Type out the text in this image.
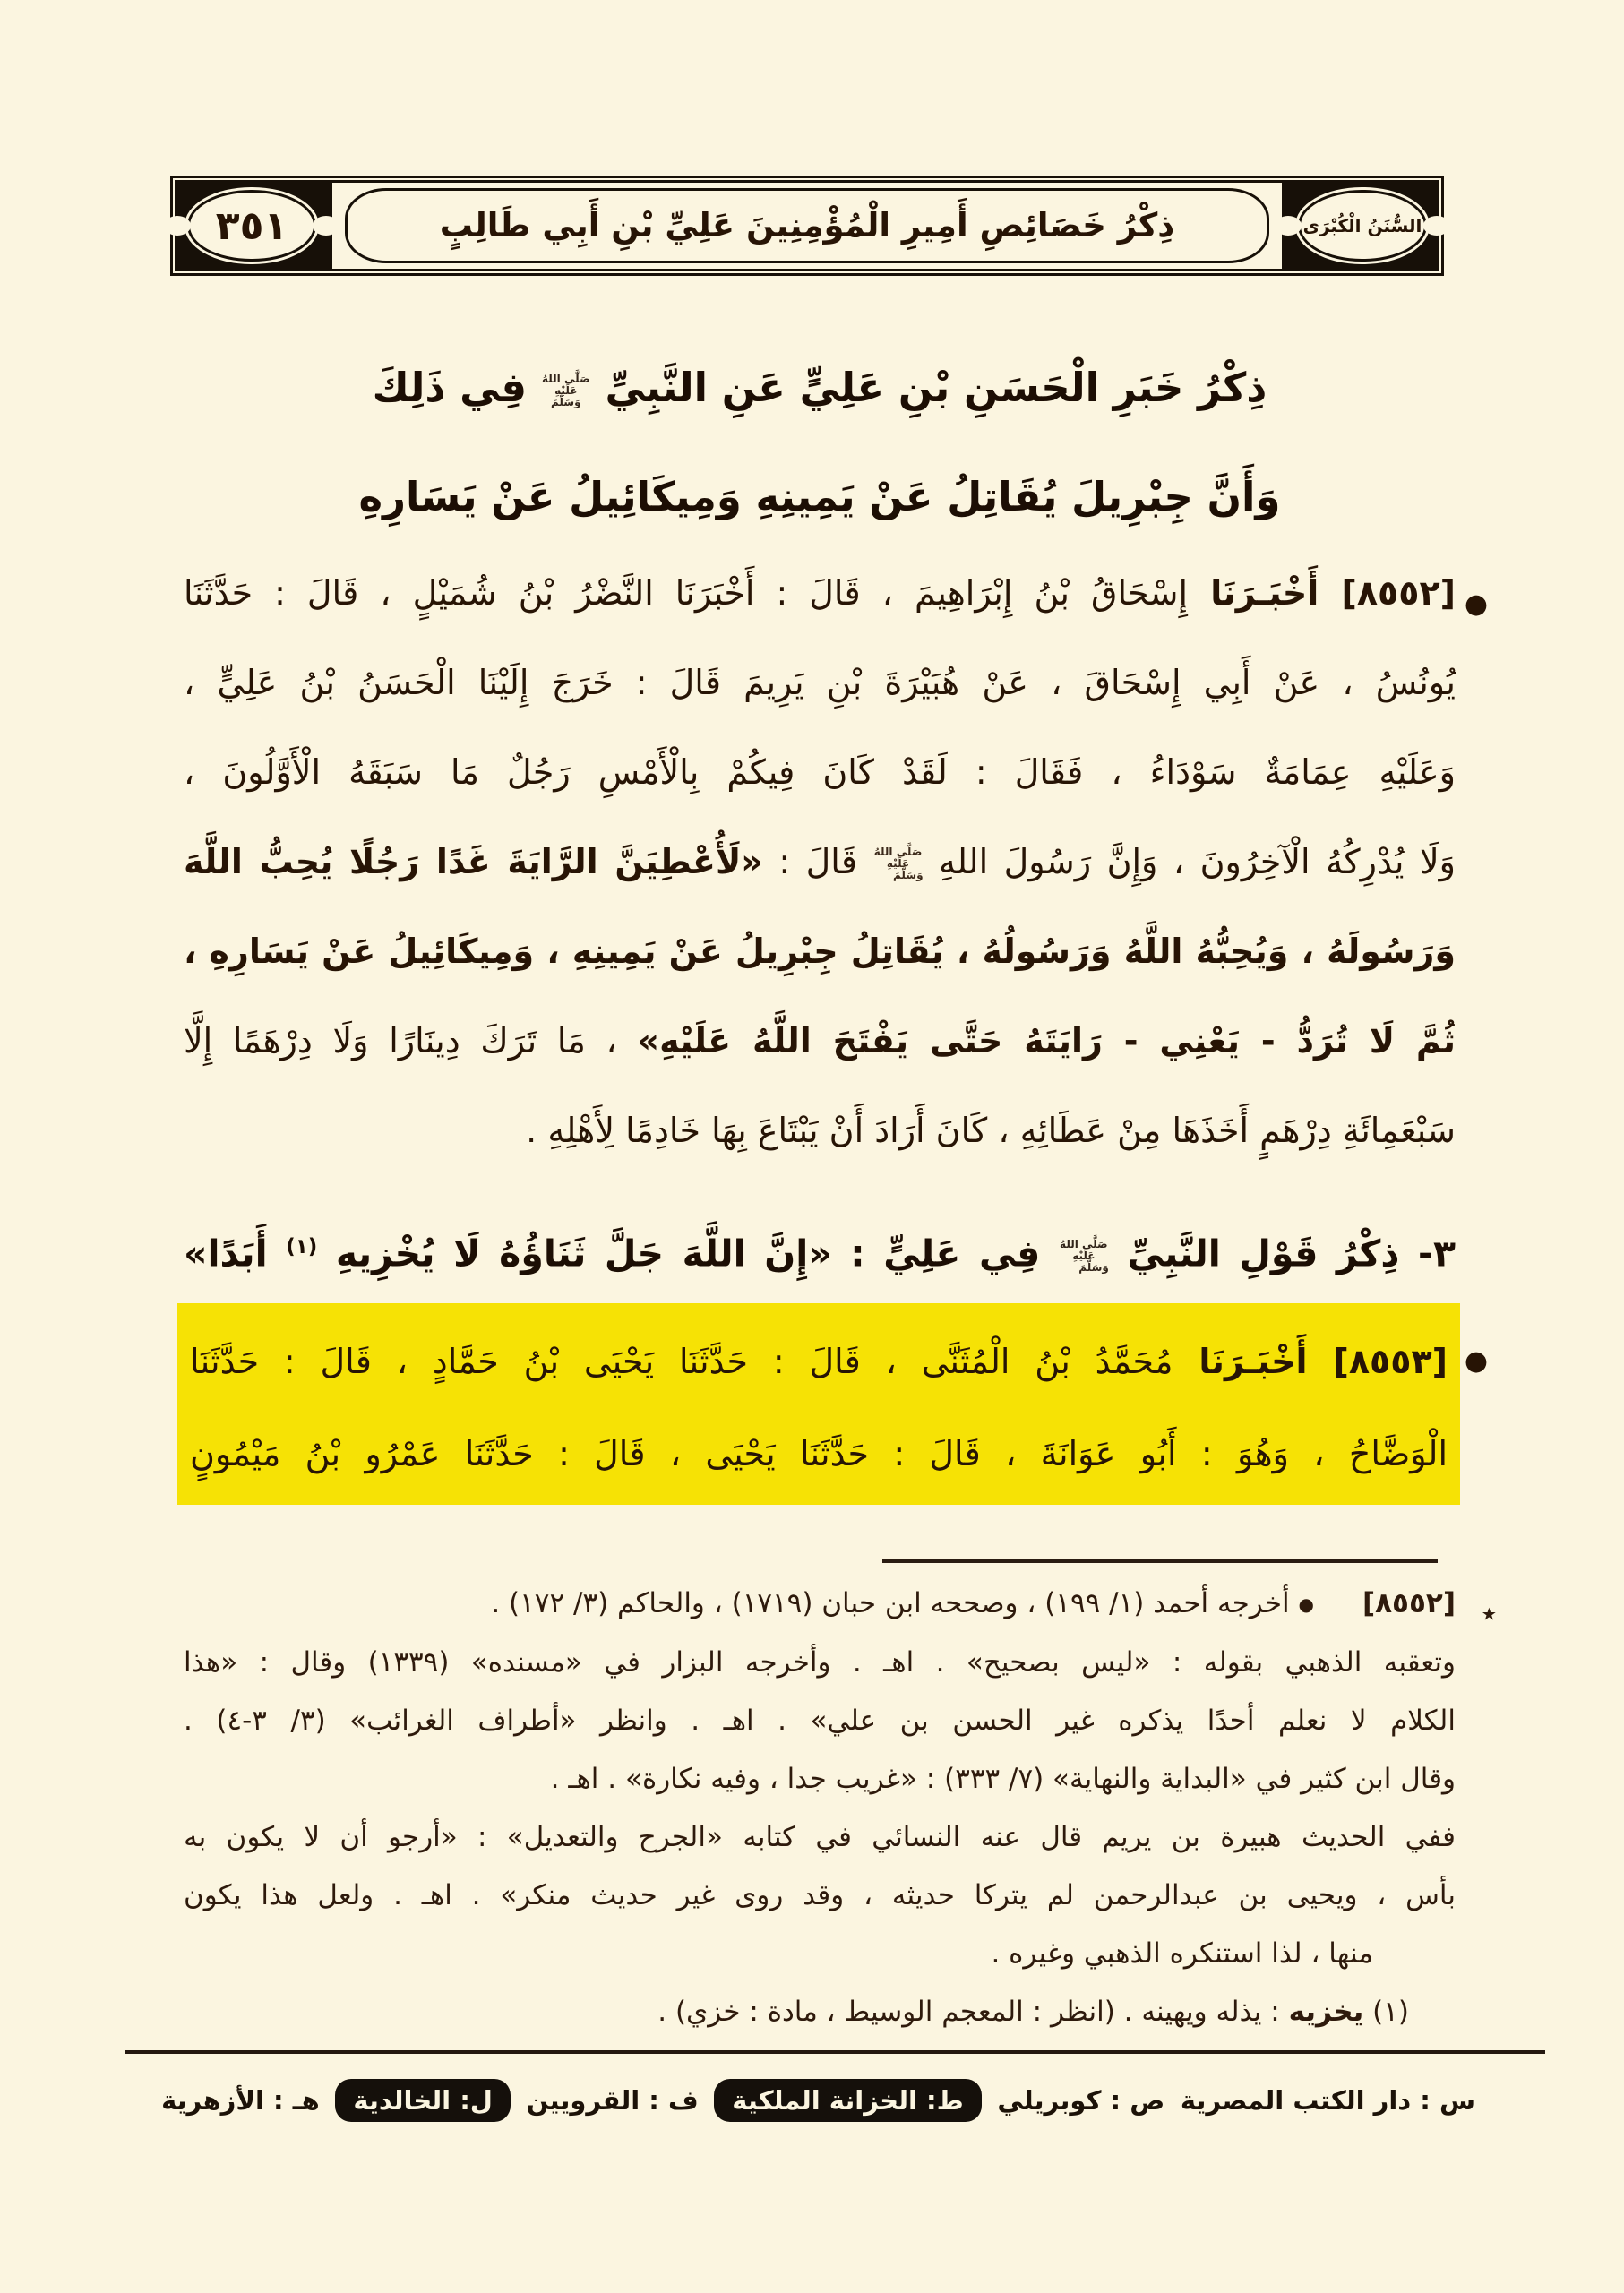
السُّنَنُ الْكُبْرَى
ذِكْرُ خَصَائِصِ أَمِيرِ الْمُؤْمِنِينَ عَلِيِّ بْنِ أَبِي طَالِبٍ
٣٥١
ذِكْرُ خَبَرِ الْحَسَنِ بْنِ عَلِيٍّ عَنِ النَّبِيِّ صَلَّى اللهُ عَلَيْهِ وَسَلَّمَ فِي ذَلِكَ
وَأَنَّ جِبْرِيلَ يُقَاتِلُ عَنْ يَمِينِهِ وَمِيكَائِيلُ عَنْ يَسَارِهِ
●
[٨٥٥٢] أَخْبَـرَنَا إِسْحَاقُ بْنُ إِبْرَاهِيمَ ، قَالَ : أَخْبَرَنَا النَّضْرُ بْنُ شُمَيْلٍ ، قَالَ : حَدَّثَنَا
يُونُسُ ، عَنْ أَبِي إِسْحَاقَ ، عَنْ هُبَيْرَةَ بْنِ يَرِيمَ قَالَ : خَرَجَ إِلَيْنَا الْحَسَنُ بْنُ عَلِيٍّ ،
وَعَلَيْهِ عِمَامَةٌ سَوْدَاءُ ، فَقَالَ : لَقَدْ كَانَ فِيكُمْ بِالْأَمْسِ رَجُلٌ مَا سَبَقَهُ الْأَوَّلُونَ ،
وَلَا يُدْرِكُهُ الْآخِرُونَ ، وَإِنَّ رَسُولَ اللهِ صَلَّى اللهُ عَلَيْهِ وَسَلَّمَ قَالَ : «لَأُعْطِيَنَّ الرَّايَةَ غَدًا رَجُلًا يُحِبُّ اللَّهَ
وَرَسُولَهُ ، وَيُحِبُّهُ اللَّهُ وَرَسُولُهُ ، يُقَاتِلُ جِبْرِيلُ عَنْ يَمِينِهِ ، وَمِيكَائِيلُ عَنْ يَسَارِهِ ،
ثُمَّ لَا تُرَدُّ - يَعْنِي - رَايَتَهُ حَتَّى يَفْتَحَ اللَّهُ عَلَيْهِ» ، مَا تَرَكَ دِينَارًا وَلَا دِرْهَمًا إِلَّا
سَبْعَمِائَةِ دِرْهَمٍ أَخَذَهَا مِنْ عَطَائِهِ ، كَانَ أَرَادَ أَنْ يَبْتَاعَ بِهَا خَادِمًا لِأَهْلِهِ .
٣- ذِكْرُ قَوْلِ النَّبِيِّ صَلَّى اللهُ عَلَيْهِ وَسَلَّمَ فِي عَلِيٍّ : «إِنَّ اللَّهَ جَلَّ ثَنَاؤُهُ لَا يُخْزِيهِ $^{(١)}$ أَبَدًا»
●
[٨٥٥٣] أَخْبَـرَنَا مُحَمَّدُ بْنُ الْمُثَنَّى ، قَالَ : حَدَّثَنَا يَحْيَى بْنُ حَمَّادٍ ، قَالَ : حَدَّثَنَا
الْوَضَّاحُ ، وَهُوَ : أَبُو عَوَانَةَ ، قَالَ : حَدَّثَنَا يَحْيَى ، قَالَ : حَدَّثَنَا عَمْرُو بْنُ مَيْمُونٍ
٭
[٨٥٥٢]● أخرجه أحمد (١/ ١٩٩) ، وصححه ابن حبان (١٧١٩) ، والحاكم (٣/ ١٧٢) .
وتعقبه الذهبي بقوله : «ليس بصحيح» . اهـ . وأخرجه البزار في «مسنده» (١٣٣٩) وقال : «هذا
الكلام لا نعلم أحدًا يذكره غير الحسن بن علي» . اهـ . وانظر «أطراف الغرائب» (٣/ ٣-٤) .
وقال ابن كثير في «البداية والنهاية» (٧/ ٣٣٣) : «غريب جدا ، وفيه نكارة» . اهـ .
ففي الحديث هبيرة بن يريم قال عنه النسائي في كتابه «الجرح والتعديل» : «أرجو أن لا يكون به
بأس ، ويحيى بن عبدالرحمن لم يتركا حديثه ، وقد روى غير حديث منكر» . اهـ . ولعل هذا يكون
منها ، لذا استنكره الذهبي وغيره .
(١) يخزيه : يذله ويهينه . (انظر : المعجم الوسيط ، مادة : خزي) .
س : دار الكتب المصرية
ص : كوبريلي
ط: الخزانة الملكية
ف : القرويين
ل: الخالدية
هـ : الأزهرية
